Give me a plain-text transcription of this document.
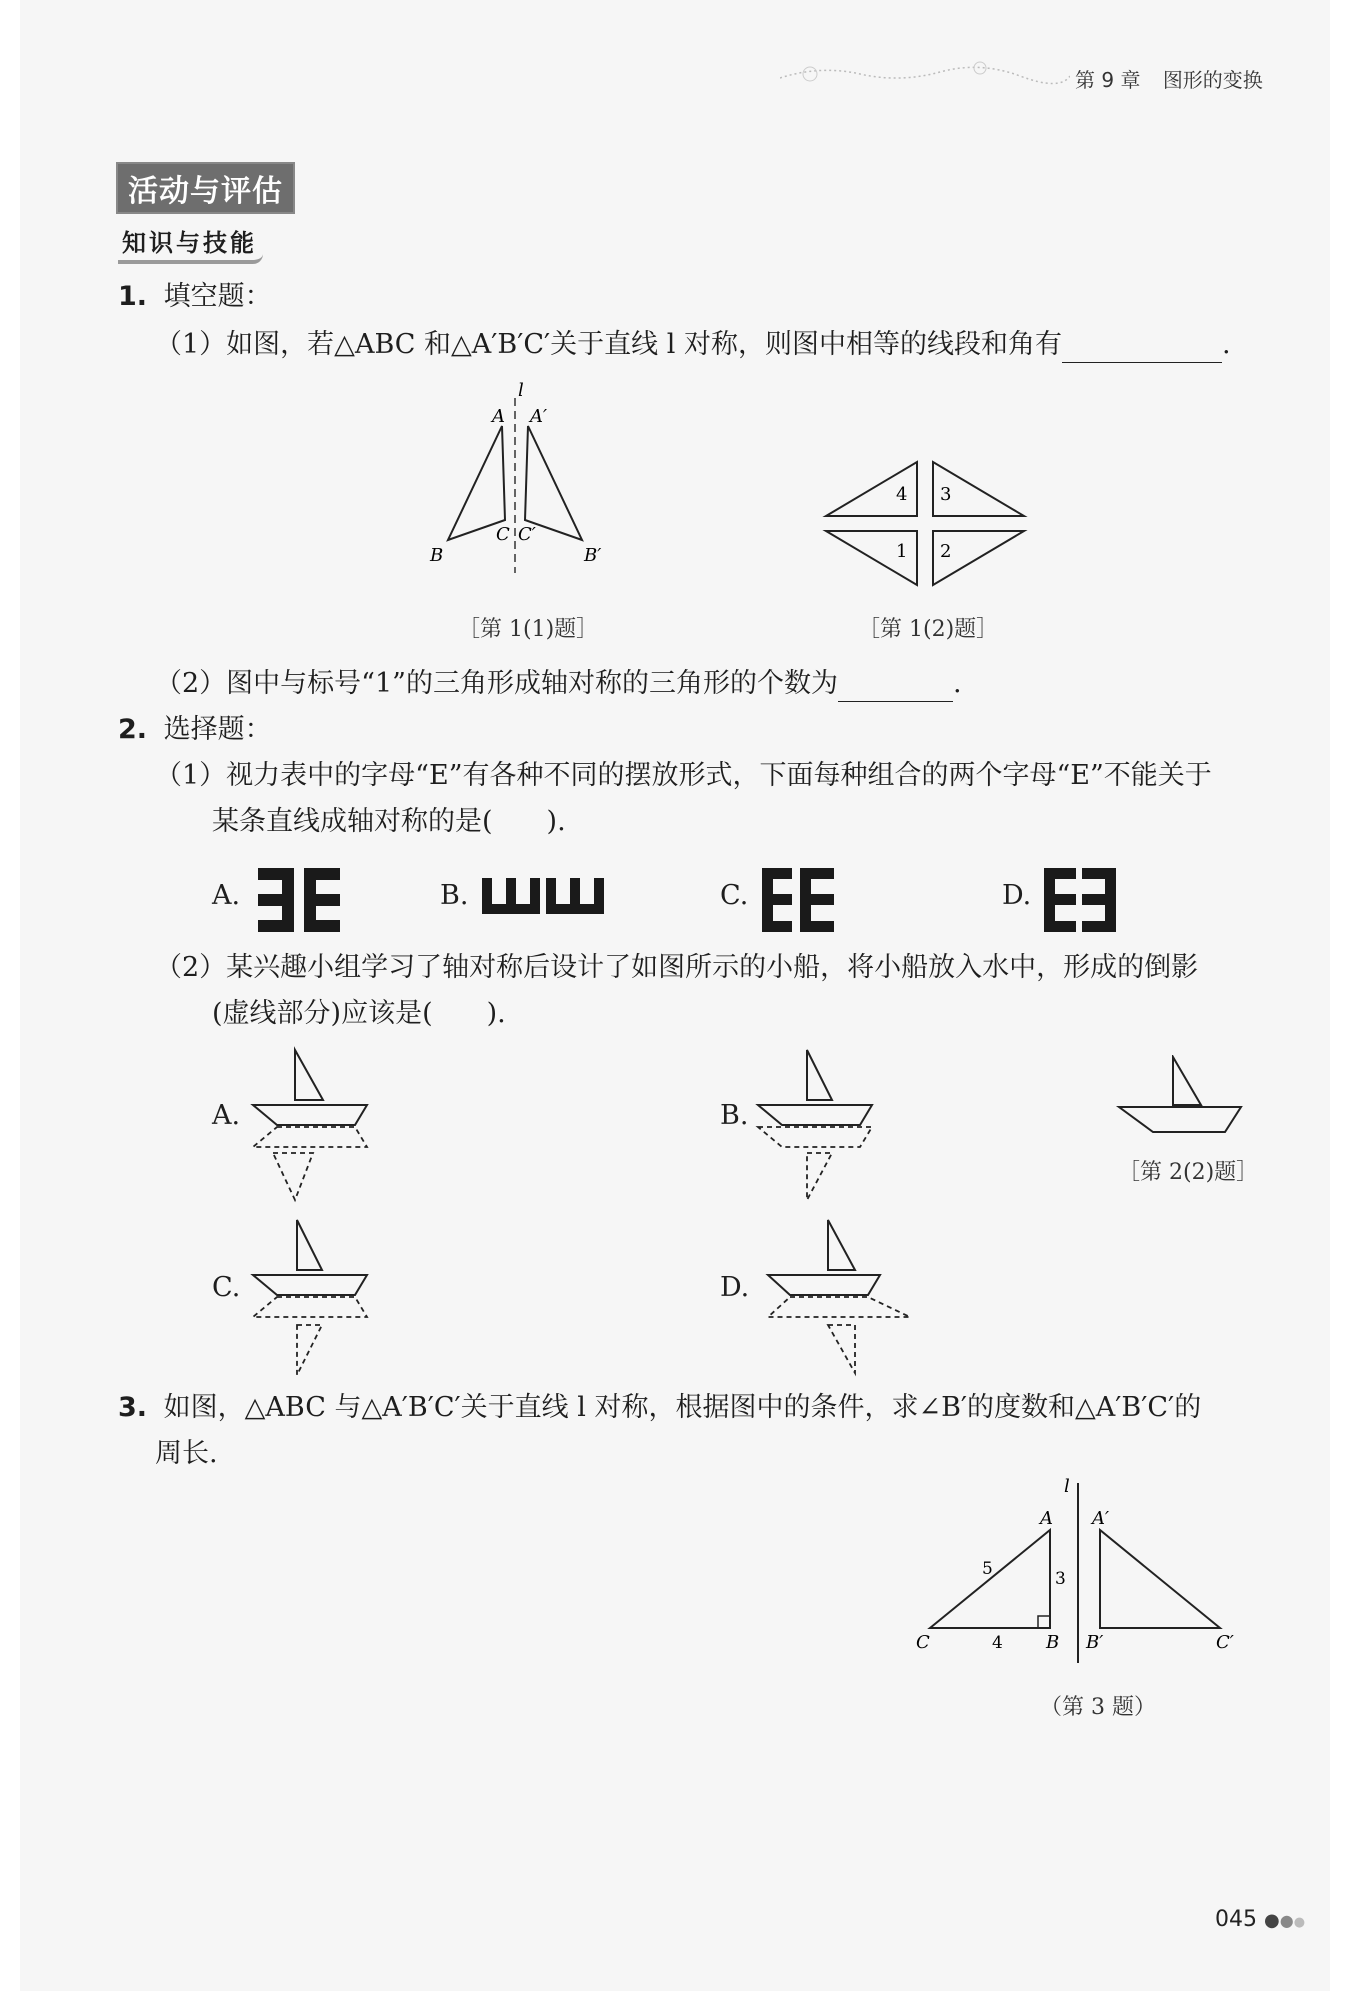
第 9 章 图形的变换
活动与评估
知识与技能
1. 填空题：
（1）如图，若△ABC 和△A′B′C′关于直线 l 对称，则图中相等的线段和角有	.
l
A A′
B	B′
C C′
［第 1(1)题］
4 3
1 2
［第 1(2)题］
（2）图中与标号“1”的三角形成轴对称的三角形的个数为	.
2. 选择题：
（1）视力表中的字母“E”有各种不同的摆放形式，下面每种组合的两个字母“E”不能关于
某条直线成轴对称的是(　　).
A.	B.	C.	D.
（2）某兴趣小组学习了轴对称后设计了如图所示的小船，将小船放入水中，形成的倒影
(虚线部分)应该是(　　).
A.	B.
［第 2(2)题］
C.	D.
3. 如图，△ABC 与△A′B′C′关于直线 l 对称，根据图中的条件，求∠B′的度数和△A′B′C′的
周长.
l
A
B
C
A′
B′	C′
5	3
4
（第 3 题）
045 ●●●
